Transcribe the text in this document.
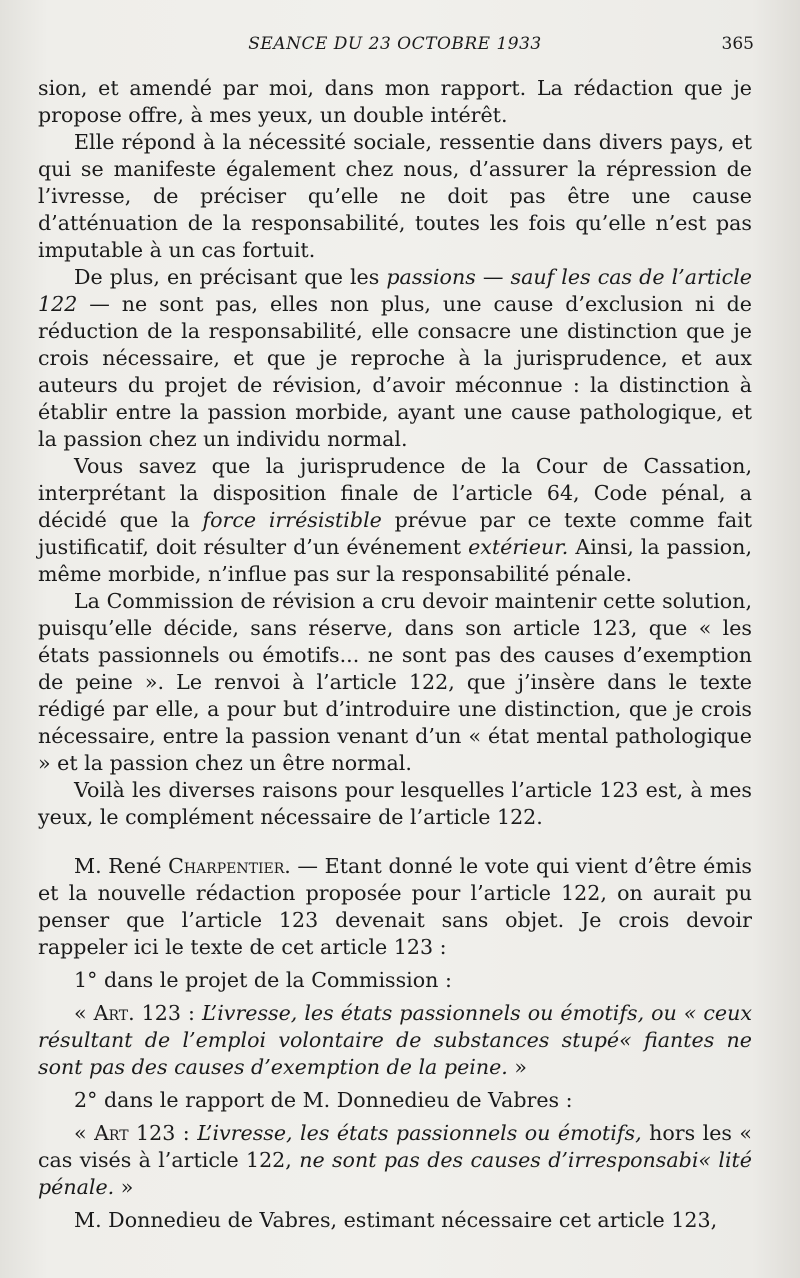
SEANCE DU 23 OCTOBRE 1933	365

sion, et amendé par moi, dans mon rapport. La rédaction que je propose offre, à mes yeux, un double intérêt.

Elle répond à la nécessité sociale, ressentie dans divers pays, et qui se manifeste également chez nous, d’assurer la répression de l’ivresse, de préciser qu’elle ne doit pas être une cause d’atténuation de la responsabilité, toutes les fois qu’elle n’est pas imputable à un cas fortuit.

De plus, en précisant que les passions — sauf les cas de l’article 122 — ne sont pas, elles non plus, une cause d’exclusion ni de réduction de la responsabilité, elle consacre une distinction que je crois nécessaire, et que je reproche à la jurisprudence, et aux auteurs du projet de révision, d’avoir méconnue : la distinction à établir entre la passion morbide, ayant une cause pathologique, et la passion chez un individu normal.

Vous savez que la jurisprudence de la Cour de Cassation, interprétant la disposition finale de l’article 64, Code pénal, a décidé que la force irrésistible prévue par ce texte comme fait justificatif, doit résulter d’un événement extérieur. Ainsi, la passion, même morbide, n’influe pas sur la responsabilité pénale.

La Commission de révision a cru devoir maintenir cette solution, puisqu’elle décide, sans réserve, dans son article 123, que « les états passionnels ou émotifs... ne sont pas des causes d’exemption de peine ». Le renvoi à l’article 122, que j’insère dans le texte rédigé par elle, a pour but d’introduire une distinction, que je crois nécessaire, entre la passion venant d’un « état mental pathologique » et la passion chez un être normal.

Voilà les diverses raisons pour lesquelles l’article 123 est, à mes yeux, le complément nécessaire de l’article 122.

M. René Charpentier. — Etant donné le vote qui vient d’être émis et la nouvelle rédaction proposée pour l’article 122, on aurait pu penser que l’article 123 devenait sans objet. Je crois devoir rappeler ici le texte de cet article 123 :

1° dans le projet de la Commission :

« Art. 123 : L’ivresse, les états passionnels ou émotifs, ou « ceux résultant de l’emploi volontaire de substances stupé« fiantes ne sont pas des causes d’exemption de la peine. »

2° dans le rapport de M. Donnedieu de Vabres :

« Art 123 : L’ivresse, les états passionnels ou émotifs, hors les « cas visés à l’article 122, ne sont pas des causes d’irresponsabi« lité pénale. »

M. Donnedieu de Vabres, estimant nécessaire cet article 123,
